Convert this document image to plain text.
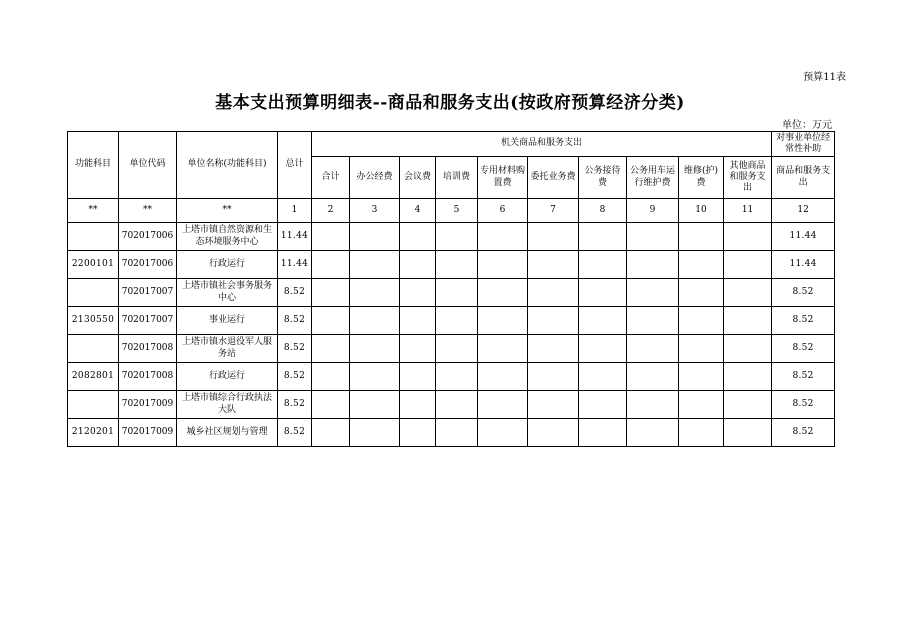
预算11表
基本支出预算明细表--商品和服务支出(按政府预算经济分类)
单位：万元
功能科目	单位代码	单位名称(功能科目)	总计	机关商品和服务支出										对事业单位经常性补助
				合计	办公经费	会议费	培训费	专用材料购置费	委托业务费	公务接待费	公务用车运行维护费	维修(护)费	其他商品和服务支出	商品和服务支出
**	**	**	1	2	3	4	5	6	7	8	9	10	11	12
	702017006	上塔市镇自然资源和生态环境服务中心	11.44											11.44
2200101	702017006	行政运行	11.44											11.44
	702017007	上塔市镇社会事务服务中心	8.52											8.52
2130550	702017007	事业运行	8.52											8.52
	702017008	上塔市镇水退役军人服务站	8.52											8.52
2082801	702017008	行政运行	8.52											8.52
	702017009	上塔市镇综合行政执法大队	8.52											8.52
2120201	702017009	城乡社区规划与管理	8.52											8.52
